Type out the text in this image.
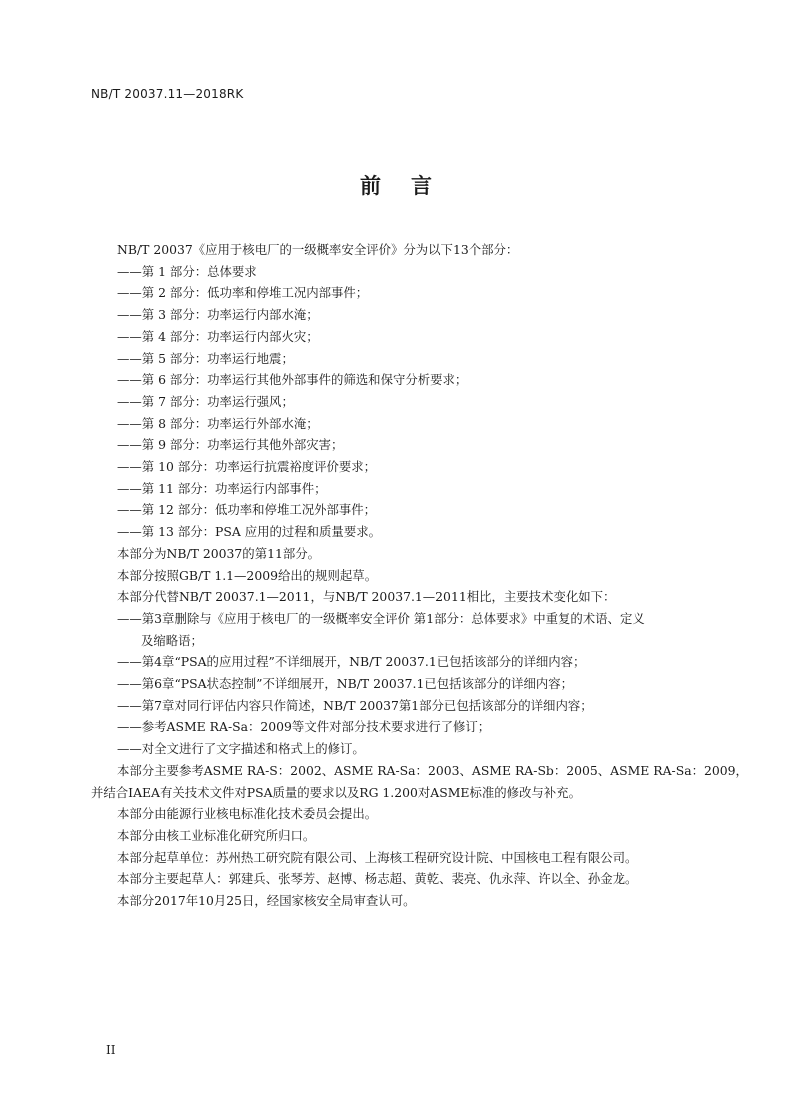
NB/T 20037.11—2018RK
前言

NB/T 20037《应用于核电厂的一级概率安全评价》分为以下13个部分：

——第 1 部分：总体要求

——第 2 部分：低功率和停堆工况内部事件；

——第 3 部分：功率运行内部水淹；

——第 4 部分：功率运行内部火灾；

——第 5 部分：功率运行地震；

——第 6 部分：功率运行其他外部事件的筛选和保守分析要求；

——第 7 部分：功率运行强风；

——第 8 部分：功率运行外部水淹；

——第 9 部分：功率运行其他外部灾害；

——第 10 部分：功率运行抗震裕度评价要求；

——第 11 部分：功率运行内部事件；

——第 12 部分：低功率和停堆工况外部事件；

——第 13 部分：PSA 应用的过程和质量要求。

本部分为NB/T 20037的第11部分。

本部分按照GB/T 1.1—2009给出的规则起草。

本部分代替NB/T 20037.1—2011，与NB/T 20037.1—2011相比，主要技术变化如下：

——第3章删除与《应用于核电厂的一级概率安全评价 第1部分：总体要求》中重复的术语、定义

及缩略语；

——第4章“PSA的应用过程”不详细展开，NB/T 20037.1已包括该部分的详细内容；

——第6章“PSA状态控制”不详细展开，NB/T 20037.1已包括该部分的详细内容；

——第7章对同行评估内容只作简述，NB/T 20037第1部分已包括该部分的详细内容；

——参考ASME RA-Sa：2009等文件对部分技术要求进行了修订；

——对全文进行了文字描述和格式上的修订。

本部分主要参考ASME RA-S：2002、ASME RA-Sa：2003、ASME RA-Sb：2005、ASME RA-Sa：2009，

并结合IAEA有关技术文件对PSA质量的要求以及RG 1.200对ASME标准的修改与补充。

本部分由能源行业核电标准化技术委员会提出。

本部分由核工业标准化研究所归口。

本部分起草单位：苏州热工研究院有限公司、上海核工程研究设计院、中国核电工程有限公司。

本部分主要起草人：郭建兵、张琴芳、赵博、杨志超、黄乾、裴亮、仇永萍、许以全、孙金龙。

本部分2017年10月25日，经国家核安全局审查认可。

II
